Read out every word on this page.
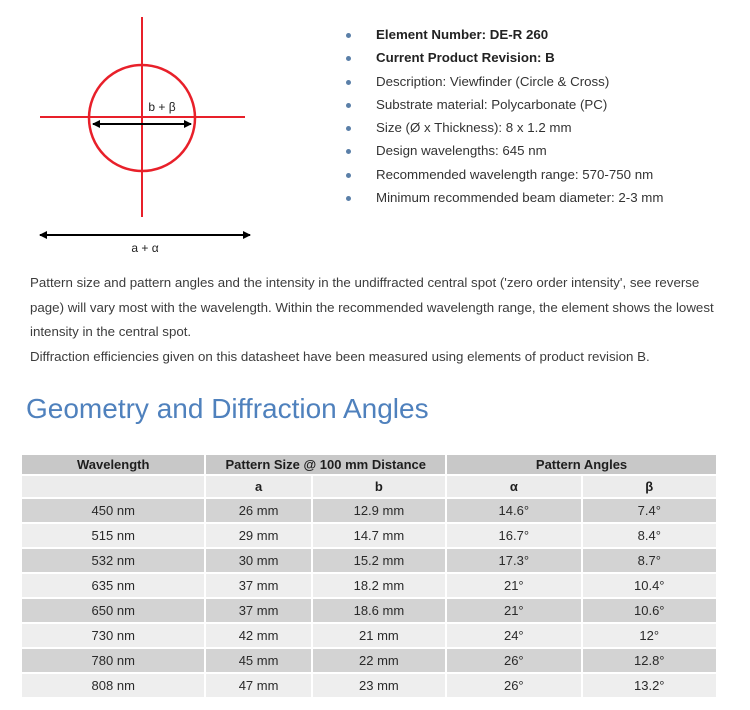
b + β
a + α
Element Number: DE-R 260
Current Product Revision: B
Description: Viewfinder (Circle & Cross)
Substrate material: Polycarbonate (PC)
Size (Ø x Thickness): 8 x 1.2 mm
Design wavelengths: 645 nm
Recommended wavelength range: 570-750 nm
Minimum recommended beam diameter: 2-3 mm

Pattern size and pattern angles and the intensity in the undiffracted central spot ('zero order intensity', see reverse page) will vary most with the wavelength. Within the recommended wavelength range, the element shows the lowest intensity in the central spot.

Diffraction efficiencies given on this datasheet have been measured using elements of product revision B.

Geometry and Diffraction Angles
Wavelength	Pattern Size @ 100 mm Distance		Pattern Angles	
	a	b	α	β
450 nm	26 mm	12.9 mm	14.6°	7.4°
515 nm	29 mm	14.7 mm	16.7°	8.4°
532 nm	30 mm	15.2 mm	17.3°	8.7°
635 nm	37 mm	18.2 mm	21°	10.4°
650 nm	37 mm	18.6 mm	21°	10.6°
730 nm	42 mm	21 mm	24°	12°
780 nm	45 mm	22 mm	26°	12.8°
808 nm	47 mm	23 mm	26°	13.2°
